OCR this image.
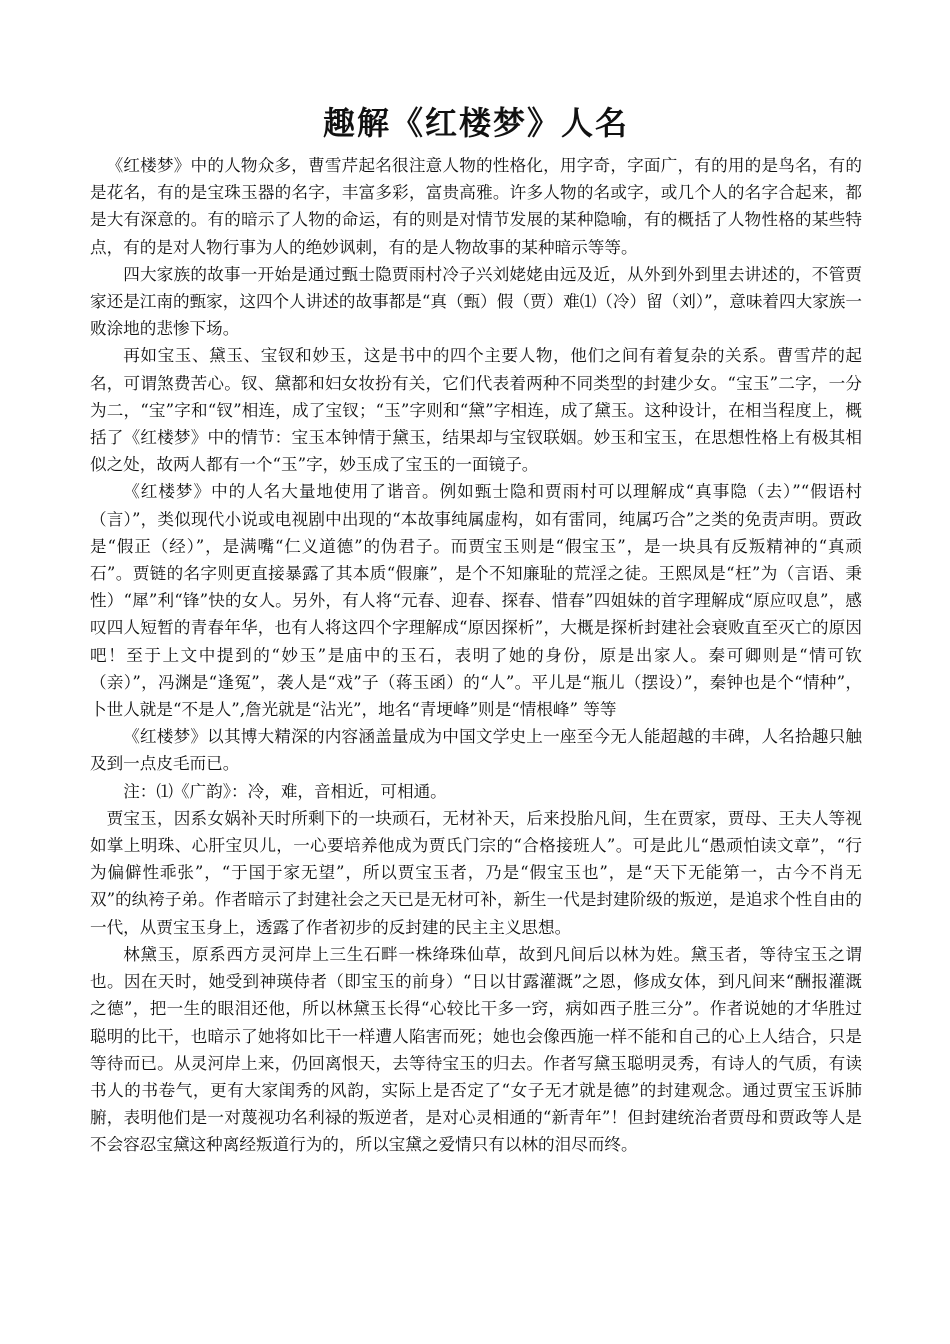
趣解《红楼梦》人名

《红楼梦》中的人物众多，曹雪芹起名很注意人物的性格化，用字奇，字面广，有的用的是鸟名，有的是花名，有的是宝珠玉器的名字，丰富多彩，富贵高雅。许多人物的名或字，或几个人的名字合起来，都是大有深意的。有的暗示了人物的命运，有的则是对情节发展的某种隐喻，有的概括了人物性格的某些特点，有的是对人物行事为人的绝妙讽刺，有的是人物故事的某种暗示等等。

四大家族的故事一开始是通过甄士隐贾雨村冷子兴刘姥姥由远及近，从外到外到里去讲述的，不管贾家还是江南的甄家，这四个人讲述的故事都是“真（甄）假（贾）难⑴（冷）留（刘）”，意味着四大家族一败涂地的悲惨下场。

再如宝玉、黛玉、宝钗和妙玉，这是书中的四个主要人物，他们之间有着复杂的关系。曹雪芹的起名，可谓煞费苦心。钗、黛都和妇女妆扮有关，它们代表着两种不同类型的封建少女。“宝玉”二字，一分为二，“宝”字和“钗”相连，成了宝钗；“玉”字则和“黛”字相连，成了黛玉。这种设计，在相当程度上，概括了《红楼梦》中的情节：宝玉本钟情于黛玉，结果却与宝钗联姻。妙玉和宝玉，在思想性格上有极其相似之处，故两人都有一个“玉”字，妙玉成了宝玉的一面镜子。

《红楼梦》中的人名大量地使用了谐音。例如甄士隐和贾雨村可以理解成“真事隐（去）”“假语村（言）”，类似现代小说或电视剧中出现的“本故事纯属虚构，如有雷同，纯属巧合”之类的免责声明。贾政是“假正（经）”，是满嘴“仁义道德”的伪君子。而贾宝玉则是“假宝玉”，是一块具有反叛精神的“真顽石”。贾链的名字则更直接暴露了其本质“假廉”，是个不知廉耻的荒淫之徒。王熙凤是“枉”为（言语、秉性）“犀”利“锋”快的女人。另外，有人将“元春、迎春、探春、惜春”四姐妹的首字理解成“原应叹息”，感叹四人短暂的青春年华，也有人将这四个字理解成“原因探析”，大概是探析封建社会衰败直至灭亡的原因吧！至于上文中提到的“妙玉”是庙中的玉石，表明了她的身份，原是出家人。秦可卿则是“情可钦（亲）”，冯渊是“逢冤”，袭人是“戏”子（蒋玉函）的“人”。平儿是“瓶儿（摆设）”，秦钟也是个“情种”，卜世人就是“不是人”,詹光就是“沾光”，地名“青埂峰”则是“情根峰” 等等

《红楼梦》以其博大精深的内容涵盖量成为中国文学史上一座至今无人能超越的丰碑，人名拾趣只触及到一点皮毛而已。

注：⑴《广韵》：冷，难，音相近，可相通。

贾宝玉，因系女娲补天时所剩下的一块顽石，无材补天，后来投胎凡间，生在贾家，贾母、王夫人等视如掌上明珠、心肝宝贝儿，一心要培养他成为贾氏门宗的“合格接班人”。可是此儿“愚顽怕读文章”，“行为偏僻性乖张”，“于国于家无望”，所以贾宝玉者，乃是“假宝玉也”，是“天下无能第一，古今不肖无双”的纨袴子弟。作者暗示了封建社会之天已是无材可补，新生一代是封建阶级的叛逆，是追求个性自由的一代，从贾宝玉身上，透露了作者初步的反封建的民主主义思想。

林黛玉，原系西方灵河岸上三生石畔一株绛珠仙草，故到凡间后以林为姓。黛玉者，等待宝玉之谓也。因在天时，她受到神瑛侍者（即宝玉的前身）“日以甘露灌溉”之恩，修成女体，到凡间来“酬报灌溉之德”，把一生的眼泪还他，所以林黛玉长得“心较比干多一窍，病如西子胜三分”。作者说她的才华胜过聪明的比干，也暗示了她将如比干一样遭人陷害而死；她也会像西施一样不能和自己的心上人结合，只是等待而已。从灵河岸上来，仍回离恨天，去等待宝玉的归去。作者写黛玉聪明灵秀，有诗人的气质，有读书人的书卷气，更有大家闺秀的风韵，实际上是否定了“女子无才就是德”的封建观念。通过贾宝玉诉肺腑，表明他们是一对蔑视功名利禄的叛逆者，是对心灵相通的“新青年”！但封建统治者贾母和贾政等人是不会容忍宝黛这种离经叛道行为的，所以宝黛之爱情只有以林的泪尽而终。
